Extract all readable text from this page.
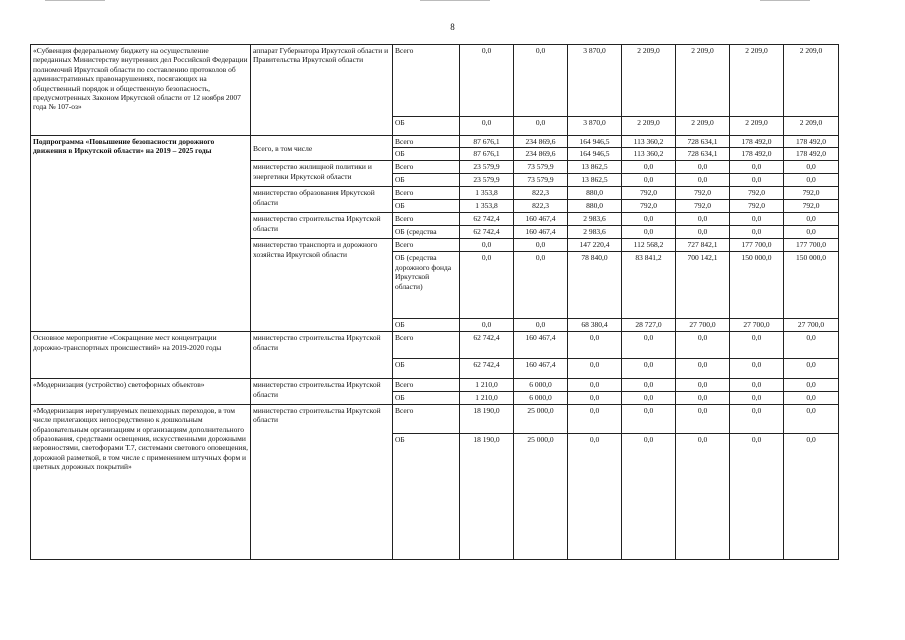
8
«Субвенция федеральному бюджету на осуществление переданных Министерству внутренних дел Российской Федерации полномочий Иркутской области по составлению протоколов об административных правонарушениях, посягающих на общественный порядок и общественную безопасность, предусмотренных Законом Иркутской области от 12 ноября 2007 года № 107-оз»	аппарат Губернатора Иркутской области и Правительства Иркутской области	Всего	0,0	0,0	3 870,0	2 209,0	2 209,0	2 209,0	2 209,0
		ОБ	0,0	0,0	3 870,0	2 209,0	2 209,0	2 209,0	2 209,0
Подпрограмма «Повышение безопасности дорожного движения в Иркутской области» на 2019 – 2025 годы	Всего, в том числе	Всего	87 676,1	234 869,6	164 946,5	113 360,2	728 634,1	178 492,0	178 492,0
		ОБ	87 676,1	234 869,6	164 946,5	113 360,2	728 634,1	178 492,0	178 492,0
	министерство жилищной политики и энергетики Иркутской области	Всего	23 579,9	73 579,9	13 862,5	0,0	0,0	0,0	0,0
		ОБ	23 579,9	73 579,9	13 862,5	0,0	0,0	0,0	0,0
	министерство образования Иркутской области	Всего	1 353,8	822,3	880,0	792,0	792,0	792,0	792,0
		ОБ	1 353,8	822,3	880,0	792,0	792,0	792,0	792,0
	министерство строительства Иркутской области	Всего	62 742,4	160 467,4	2 983,6	0,0	0,0	0,0	0,0
		ОБ (средства	62 742,4	160 467,4	2 983,6	0,0	0,0	0,0	0,0
	министерство транспорта и дорожного хозяйства Иркутской области	Всего	0,0	0,0	147 220,4	112 568,2	727 842,1	177 700,0	177 700,0
		ОБ (средства дорожного фонда Иркутской области)	0,0	0,0	78 840,0	83 841,2	700 142,1	150 000,0	150 000,0
		ОБ	0,0	0,0	68 380,4	28 727,0	27 700,0	27 700,0	27 700,0
Основное мероприятие «Сокращение мест концентрации дорожно-транспортных происшествий» на 2019-2020 годы	министерство строительства Иркутской области	Всего	62 742,4	160 467,4	0,0	0,0	0,0	0,0	0,0
		ОБ	62 742,4	160 467,4	0,0	0,0	0,0	0,0	0,0
«Модернизация (устройство) светофорных объектов»	министерство строительства Иркутской области	Всего	1 210,0	6 000,0	0,0	0,0	0,0	0,0	0,0
		ОБ	1 210,0	6 000,0	0,0	0,0	0,0	0,0	0,0
«Модернизация нерегулируемых пешеходных переходов, в том числе прилегающих непосредственно к дошкольным образовательным организациям и организациям дополнительного образования, средствами освещения, искусственными дорожными неровностями, светофорами Т.7, системами светового оповещения, дорожной разметкой, в том числе с применением штучных форм и цветных дорожных покрытий»	министерство строительства Иркутской области	Всего	18 190,0	25 000,0	0,0	0,0	0,0	0,0	0,0
		ОБ	18 190,0	25 000,0	0,0	0,0	0,0	0,0	0,0
